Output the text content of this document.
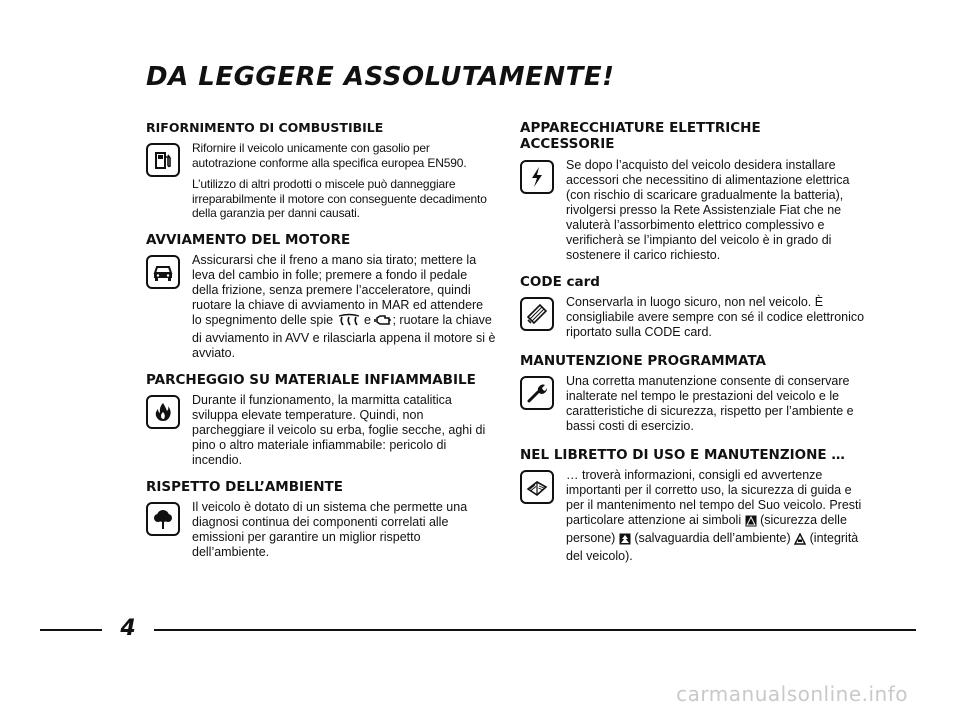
DA LEGGERE ASSOLUTAMENTE!
RIFORNIMENTO DI COMBUSTIBILE

Rifornire il veicolo unicamente con gasolio per autotrazione conforme alla specifica europea EN590.

L’utilizzo di altri prodotti o miscele può danneggiare irreparabilmente il motore con conseguente decadimento della garanzia per danni causati.

AVVIAMENTO DEL MOTORE

Assicurarsi che il freno a mano sia tirato; mettere la leva del cambio in folle; premere a fondo il pedale della frizione, senza premere l’acceleratore, quindi ruotare la chiave di avviamento in MAR ed attendere lo spegnimento delle spie e ; ruotare la chiave di avviamento in AVV e rilasciarla appena il motore si è avviato.

PARCHEGGIO SU MATERIALE INFIAMMABILE

Durante il funzionamento, la marmitta catalitica sviluppa elevate temperature. Quindi, non parcheggiare il veicolo su erba, foglie secche, aghi di pino o altro materiale infiammabile: pericolo di incendio.

RISPETTO DELL’AMBIENTE

Il veicolo è dotato di un sistema che permette una diagnosi continua dei componenti correlati alle emissioni per garantire un miglior rispetto dell’ambiente.

APPARECCHIATURE ELETTRICHE ACCESSORIE

Se dopo l’acquisto del veicolo desidera installare accessori che necessitino di alimentazione elettrica (con rischio di scaricare gradualmente la batteria), rivolgersi presso la Rete Assistenziale Fiat che ne valuterà l’assorbimento elettrico complessivo e verificherà se l’impianto del veicolo è in grado di sostenere il carico richiesto.

CODE card

Conservarla in luogo sicuro, non nel veicolo. È consigliabile avere sempre con sé il codice elettronico riportato sulla CODE card.

MANUTENZIONE PROGRAMMATA

Una corretta manutenzione consente di conservare inalterate nel tempo le prestazioni del veicolo e le caratteristiche di sicurezza, rispetto per l’ambiente e bassi costi di esercizio.

NEL LIBRETTO DI USO E MANUTENZIONE …

… troverà informazioni, consigli ed avvertenze importanti per il corretto uso, la sicurezza di guida e per il mantenimento nel tempo del Suo veicolo. Presti particolare attenzione ai simboli (sicurezza delle persone) (salvaguardia dell’ambiente) (integrità del veicolo).

4
carmanualsonline.info
